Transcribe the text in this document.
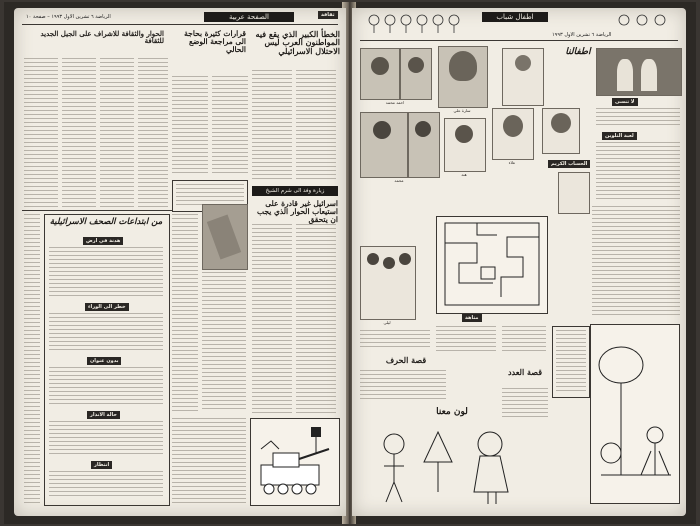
الرياضة ٦ تشرين الاول ١٩٩٣ – صفحة ١٠	الصفحة عربية	ثقافة
الخطأ الكبير الذي يقع فيه المواطنون العرب ليس الاحتلال الاسرائيلي
قرارات كثيرة بحاجة الى مراجعة الوضع الحالي
الحوار والثقافة للاشراف على الجيل الجديد للثقافة
زيارة وفد الى شرم الشيخ
اسرائيل غير قادرة على استيعاب الحوار الذي يجب ان يتحقق
من ابتداعات الصحف الاسرائيلية
هدنة في ارض
خطر الى الوراء
بدون عنوان
حالة الانذار
انتظار
اطفال شباب
الرياضة ٦ تشرين الاول ١٩٩٣
احمد محمد
سارة علي
اطفالنا
لا تنسى
لعبة التلوين
محمد
هند
علاء	الحساب الكريم
ليلى
متاهة
قصة الحرف
لون معنا
قصة العدد
